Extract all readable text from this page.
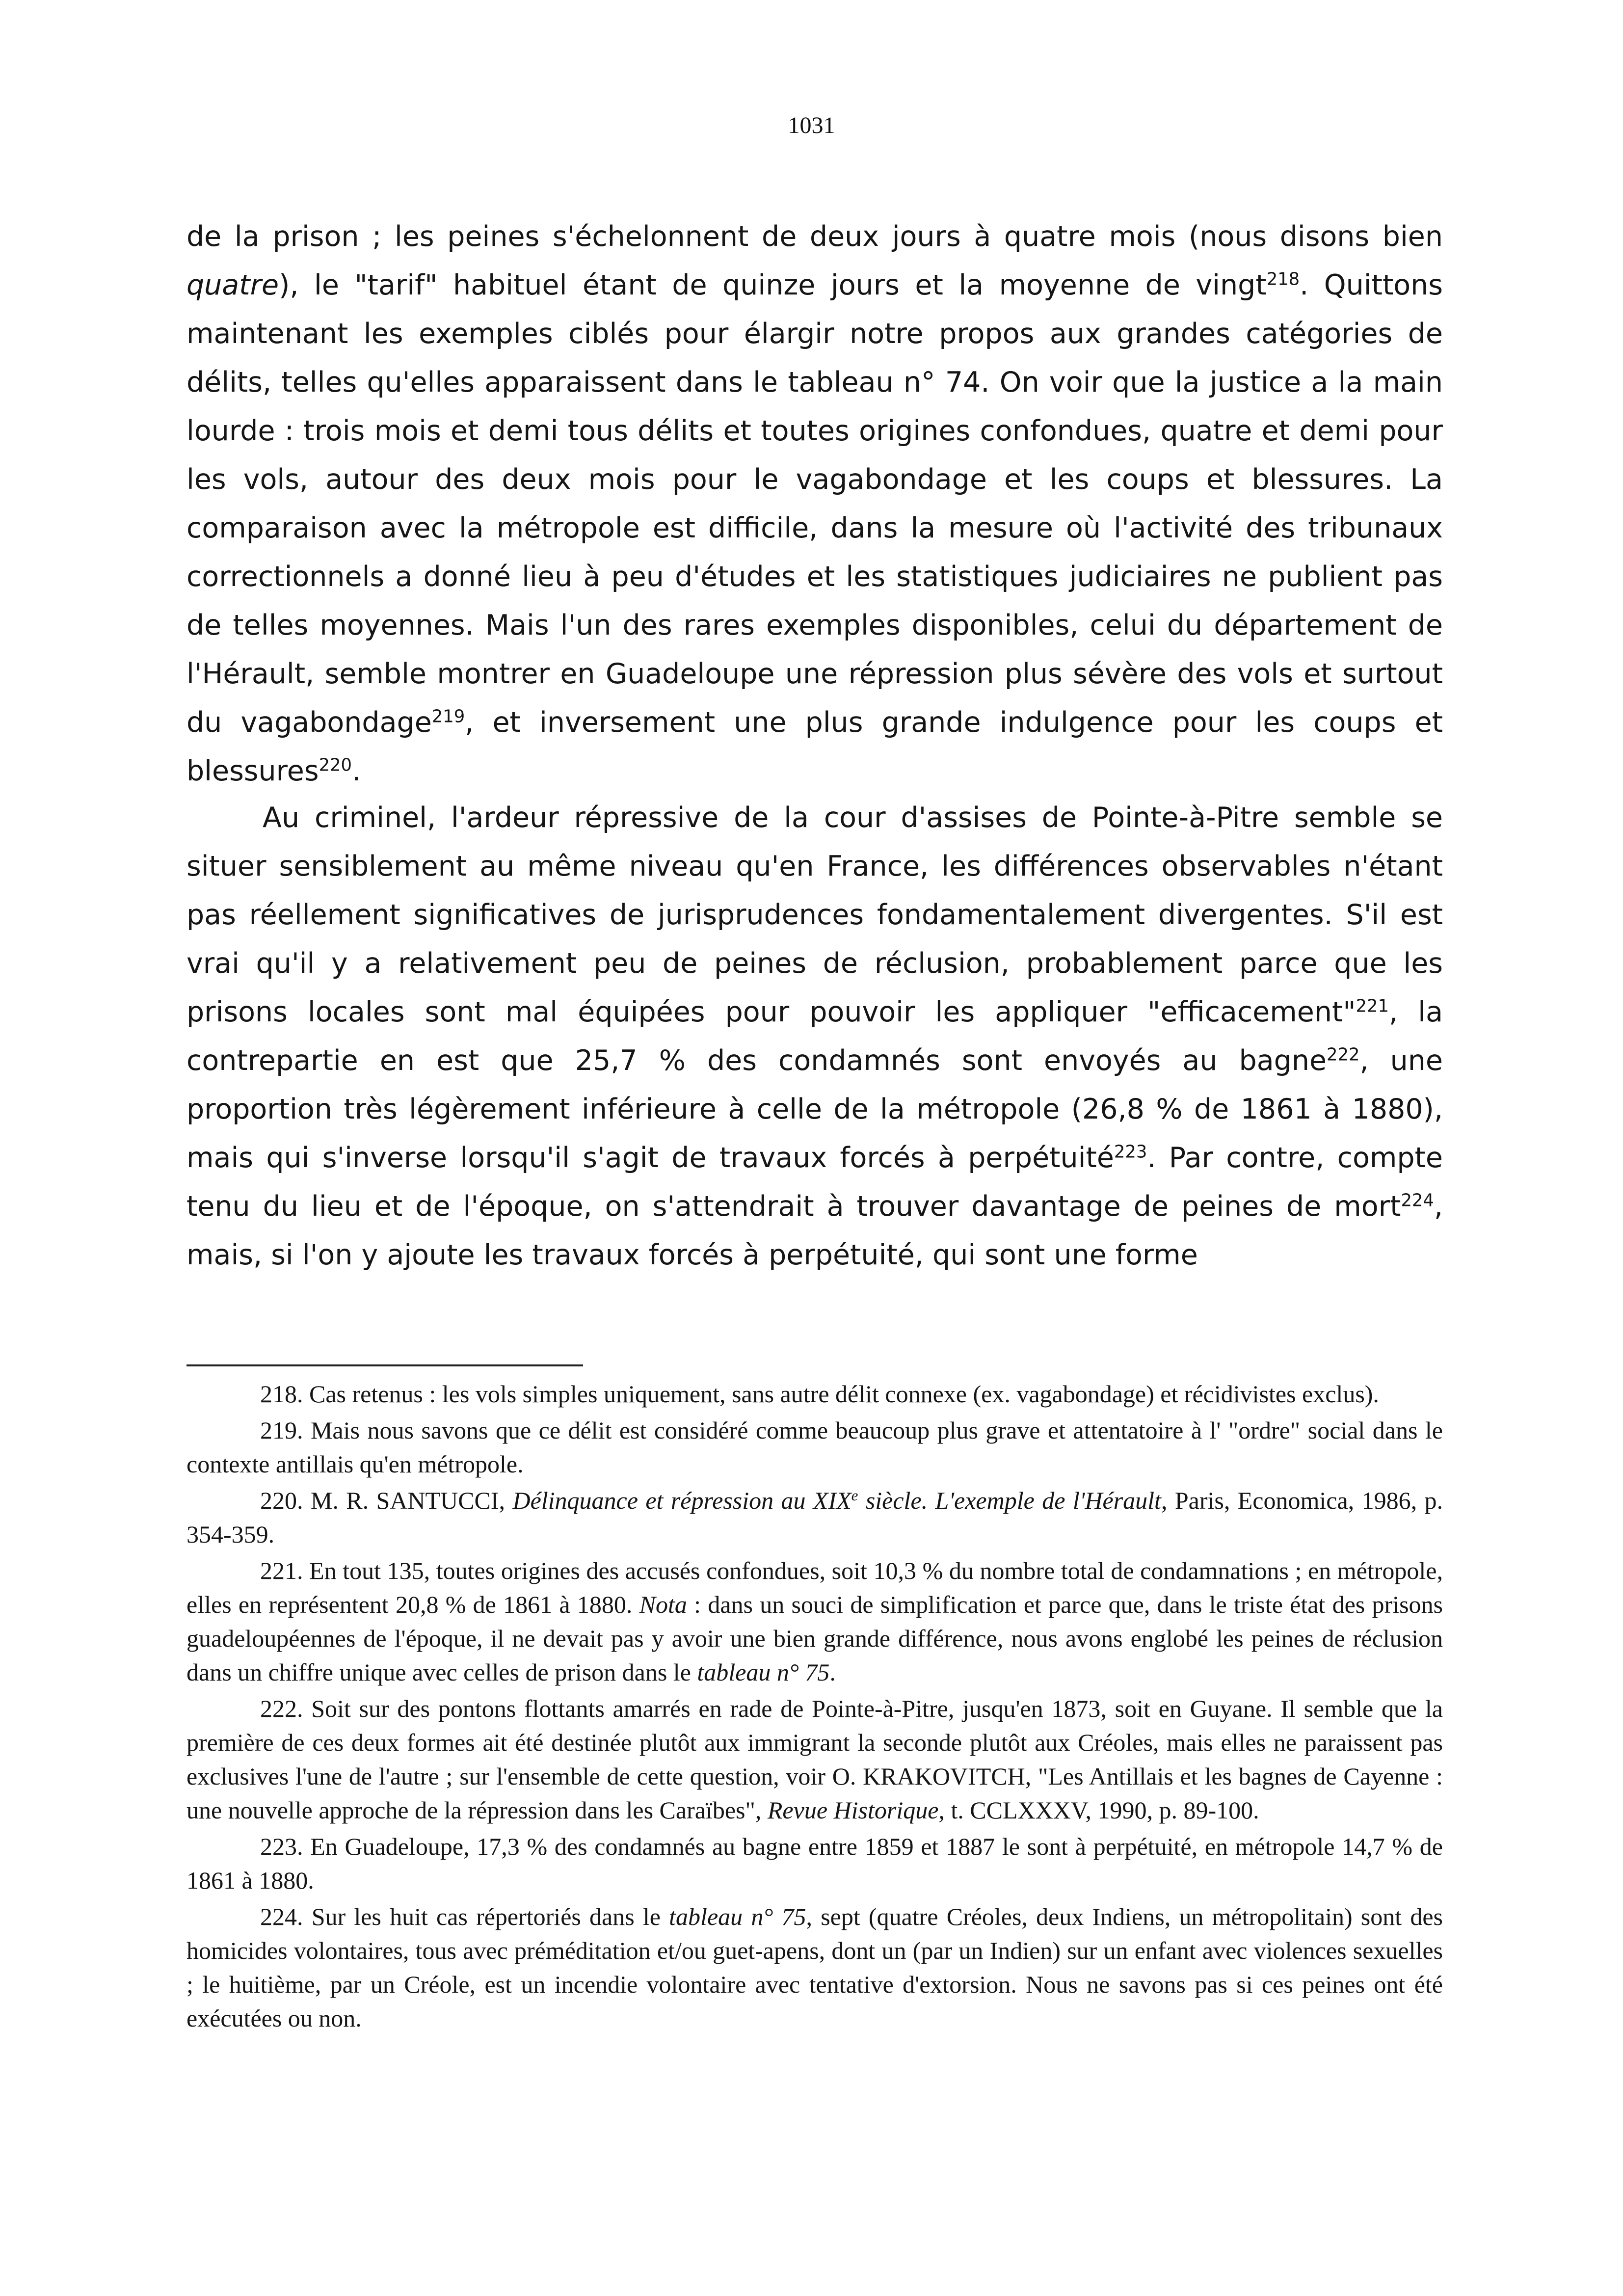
1031

de la prison ; les peines s'échelonnent de deux jours à quatre mois (nous disons bien quatre), le "tarif" habituel étant de quinze jours et la moyenne de vingt$^{218}$. Quittons maintenant les exemples ciblés pour élargir notre propos aux grandes catégories de délits, telles qu'elles apparaissent dans le tableau n° 74. On voir que la justice a la main lourde : trois mois et demi tous délits et toutes origines confondues, quatre et demi pour les vols, autour des deux mois pour le vagabondage et les coups et blessures. La comparaison avec la métropole est difficile, dans la mesure où l'activité des tribunaux correctionnels a donné lieu à peu d'études et les statistiques judiciaires ne publient pas de telles moyennes. Mais l'un des rares exemples disponibles, celui du département de l'Hérault, semble montrer en Guadeloupe une répression plus sévère des vols et surtout du vagabondage$^{219}$, et inversement une plus grande indulgence pour les coups et blessures$^{220}$.

Au criminel, l'ardeur répressive de la cour d'assises de Pointe-à-Pitre semble se situer sensiblement au même niveau qu'en France, les différences observables n'étant pas réellement significatives de jurisprudences fondamentalement divergentes. S'il est vrai qu'il y a relativement peu de peines de réclusion, probablement parce que les prisons locales sont mal équipées pour pouvoir les appliquer "efficacement"$^{221}$, la contrepartie en est que 25,7 % des condamnés sont envoyés au bagne$^{222}$, une proportion très légèrement inférieure à celle de la métropole (26,8 % de 1861 à 1880), mais qui s'inverse lorsqu'il s'agit de travaux forcés à perpétuité$^{223}$. Par contre, compte tenu du lieu et de l'époque, on s'attendrait à trouver davantage de peines de mort$^{224}$, mais, si l'on y ajoute les travaux forcés à perpétuité, qui sont une forme

218. Cas retenus : les vols simples uniquement, sans autre délit connexe (ex. vagabondage) et récidivistes exclus).

219. Mais nous savons que ce délit est considéré comme beaucoup plus grave et attentatoire à l' "ordre" social dans le contexte antillais qu'en métropole.

220. M. R. SANTUCCI, Délinquance et répression au XIXe siècle. L'exemple de l'Hérault, Paris, Economica, 1986, p. 354-359.

221. En tout 135, toutes origines des accusés confondues, soit 10,3 % du nombre total de condamnations ; en métropole, elles en représentent 20,8 % de 1861 à 1880. Nota : dans un souci de simplification et parce que, dans le triste état des prisons guadeloupéennes de l'époque, il ne devait pas y avoir une bien grande différence, nous avons englobé les peines de réclusion dans un chiffre unique avec celles de prison dans le tableau n° 75.

222. Soit sur des pontons flottants amarrés en rade de Pointe-à-Pitre, jusqu'en 1873, soit en Guyane. Il semble que la première de ces deux formes ait été destinée plutôt aux immigrant la seconde plutôt aux Créoles, mais elles ne paraissent pas exclusives l'une de l'autre ; sur l'ensemble de cette question, voir O. KRAKOVITCH, "Les Antillais et les bagnes de Cayenne : une nouvelle approche de la répression dans les Caraïbes", Revue Historique, t. CCLXXXV, 1990, p. 89-100.

223. En Guadeloupe, 17,3 % des condamnés au bagne entre 1859 et 1887 le sont à perpétuité, en métropole 14,7 % de 1861 à 1880.

224. Sur les huit cas répertoriés dans le tableau n° 75, sept (quatre Créoles, deux Indiens, un métropolitain) sont des homicides volontaires, tous avec préméditation et/ou guet-apens, dont un (par un Indien) sur un enfant avec violences sexuelles ; le huitième, par un Créole, est un incendie volontaire avec tentative d'extorsion. Nous ne savons pas si ces peines ont été exécutées ou non.
